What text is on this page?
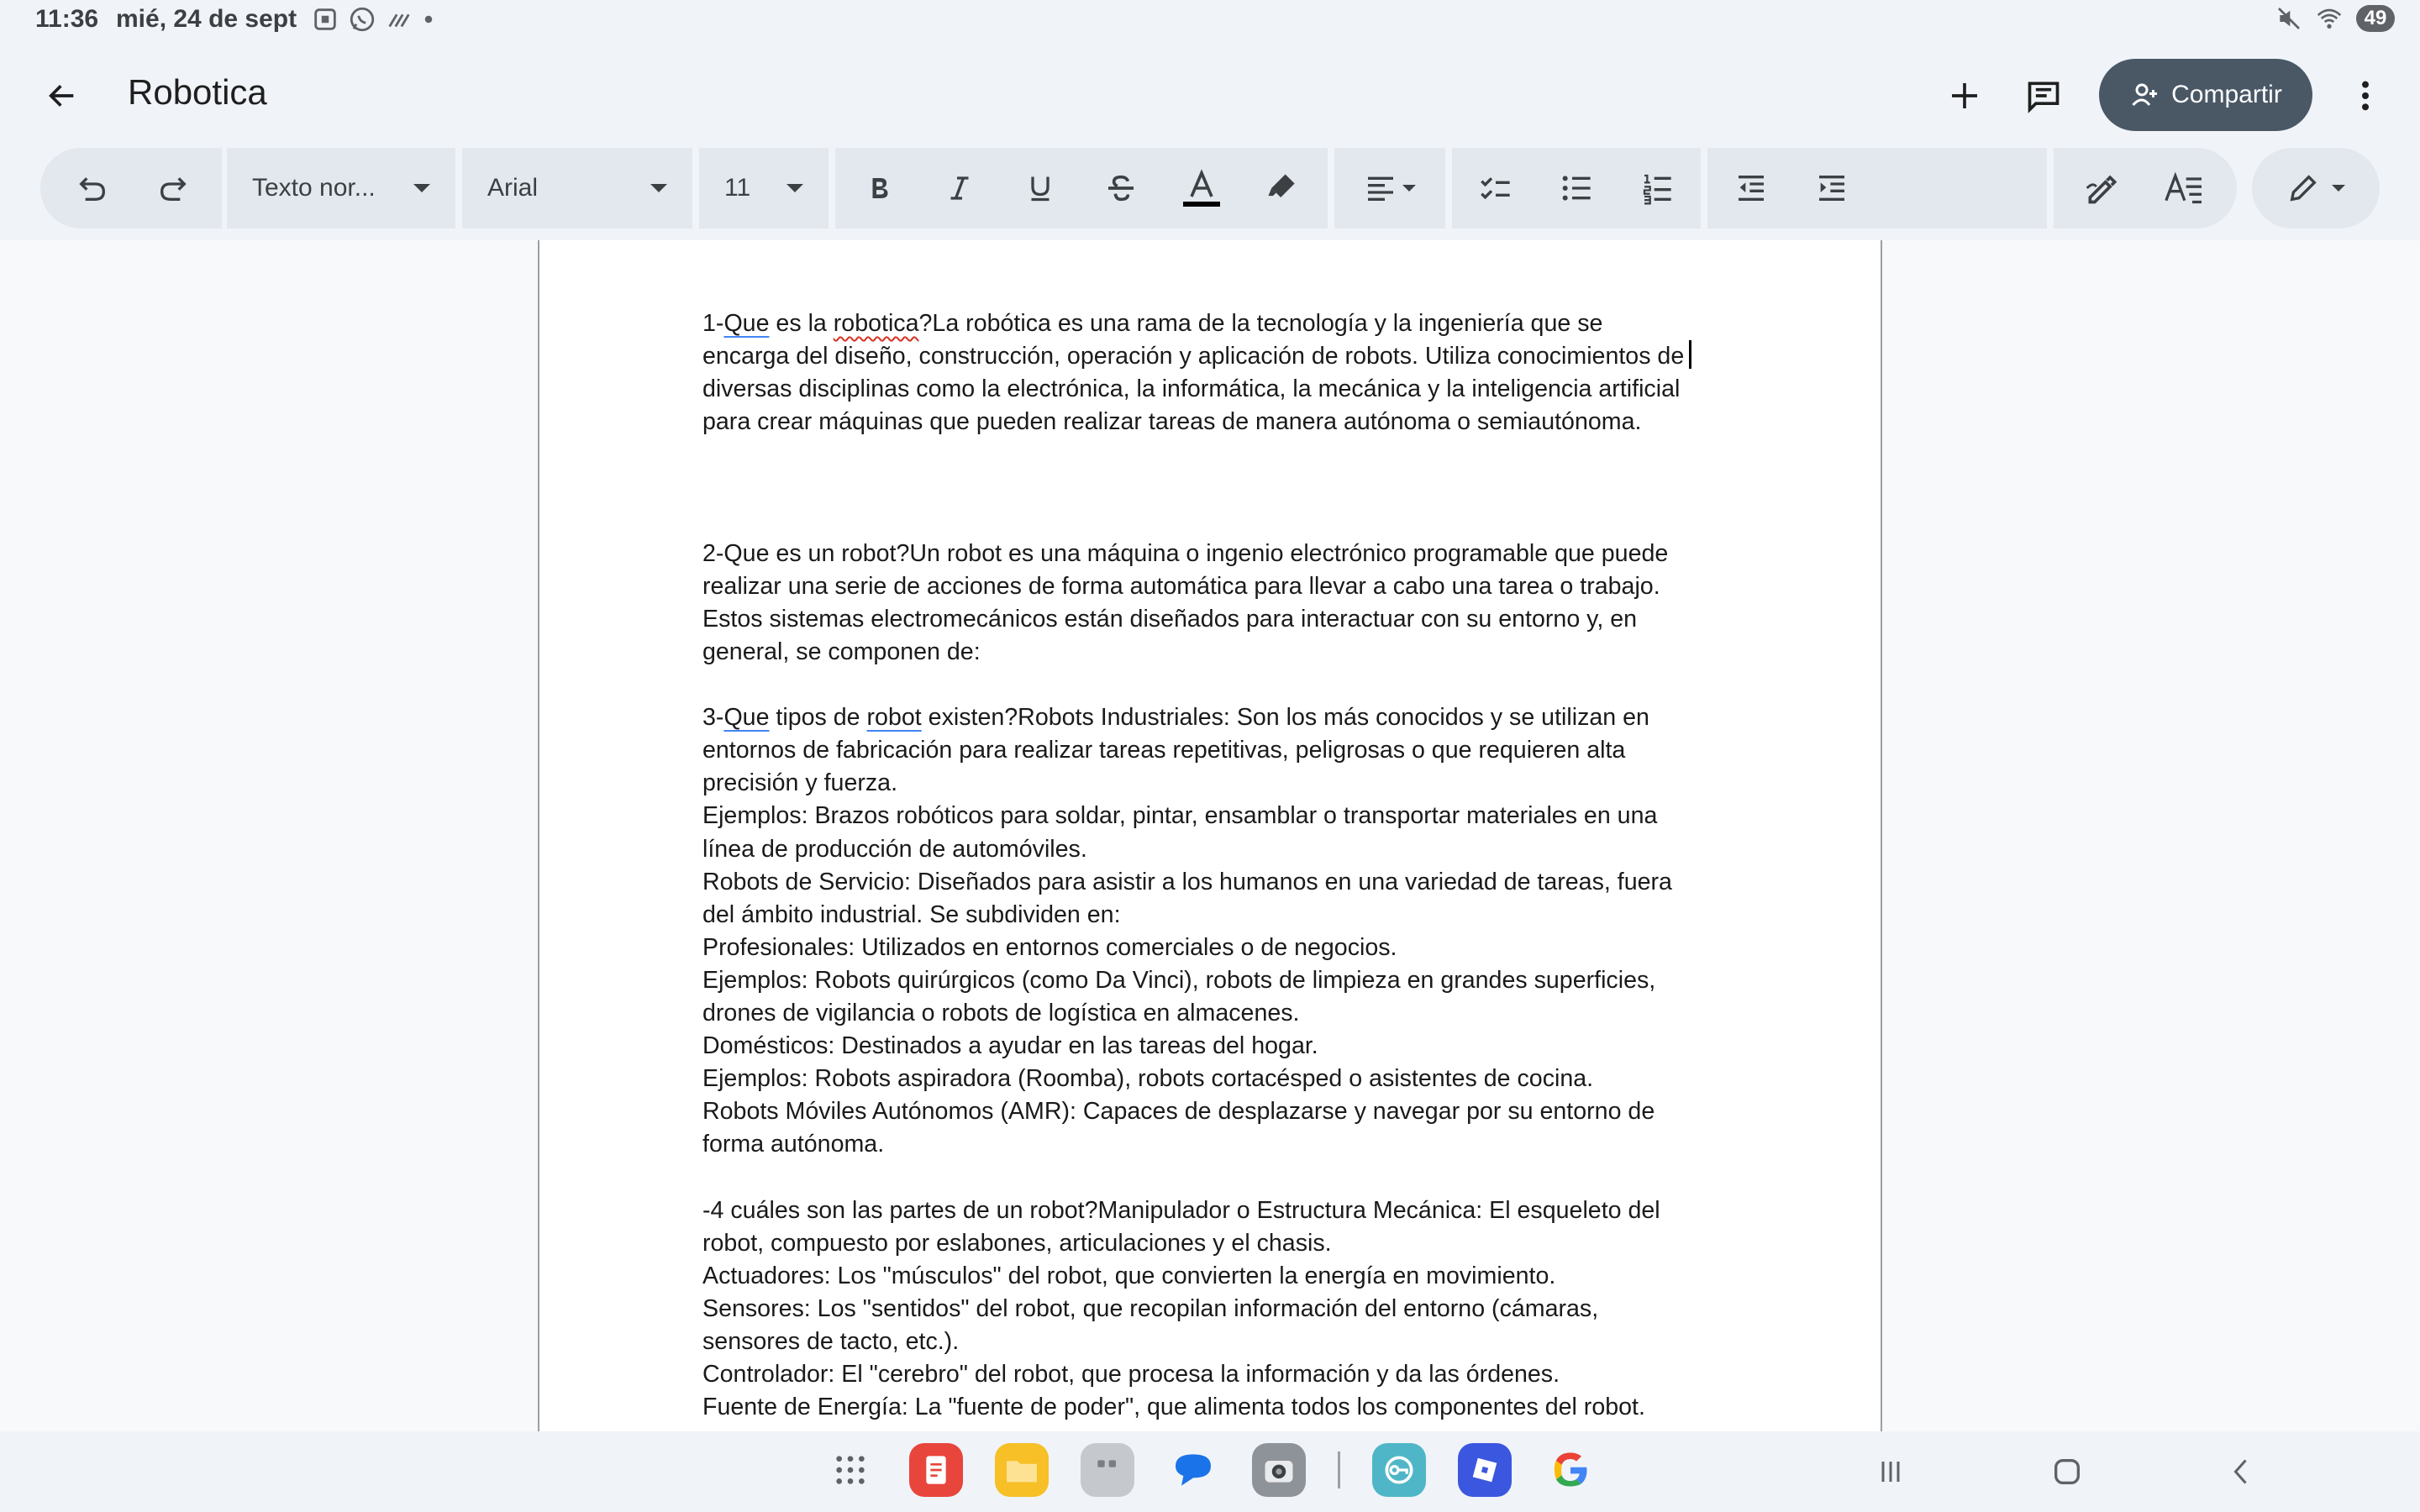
11:36 mié, 24 de sept	49
Robotica	Compartir
Texto nor...	Arial	11
1-Que es la robotica?La robótica es una rama de la tecnología y la ingeniería que se
encarga del diseño, construcción, operación y aplicación de robots. Utiliza conocimientos de
diversas disciplinas como la electrónica, la informática, la mecánica y la inteligencia artificial
para crear máquinas que pueden realizar tareas de manera autónoma o semiautónoma.
2-Que es un robot?Un robot es una máquina o ingenio electrónico programable que puede
realizar una serie de acciones de forma automática para llevar a cabo una tarea o trabajo.
Estos sistemas electromecánicos están diseñados para interactuar con su entorno y, en
general, se componen de:
3-Que tipos de robot existen?Robots Industriales: Son los más conocidos y se utilizan en
entornos de fabricación para realizar tareas repetitivas, peligrosas o que requieren alta
precisión y fuerza.
Ejemplos: Brazos robóticos para soldar, pintar, ensamblar o transportar materiales en una
línea de producción de automóviles.
Robots de Servicio: Diseñados para asistir a los humanos en una variedad de tareas, fuera
del ámbito industrial. Se subdividen en:
Profesionales: Utilizados en entornos comerciales o de negocios.
Ejemplos: Robots quirúrgicos (como Da Vinci), robots de limpieza en grandes superficies,
drones de vigilancia o robots de logística en almacenes.
Domésticos: Destinados a ayudar en las tareas del hogar.
Ejemplos: Robots aspiradora (Roomba), robots cortacésped o asistentes de cocina.
Robots Móviles Autónomos (AMR): Capaces de desplazarse y navegar por su entorno de
forma autónoma.
-4 cuáles son las partes de un robot?Manipulador o Estructura Mecánica: El esqueleto del
robot, compuesto por eslabones, articulaciones y el chasis.
Actuadores: Los "músculos" del robot, que convierten la energía en movimiento.
Sensores: Los "sentidos" del robot, que recopilan información del entorno (cámaras,
sensores de tacto, etc.).
Controlador: El "cerebro" del robot, que procesa la información y da las órdenes.
Fuente de Energía: La "fuente de poder", que alimenta todos los componentes del robot.
